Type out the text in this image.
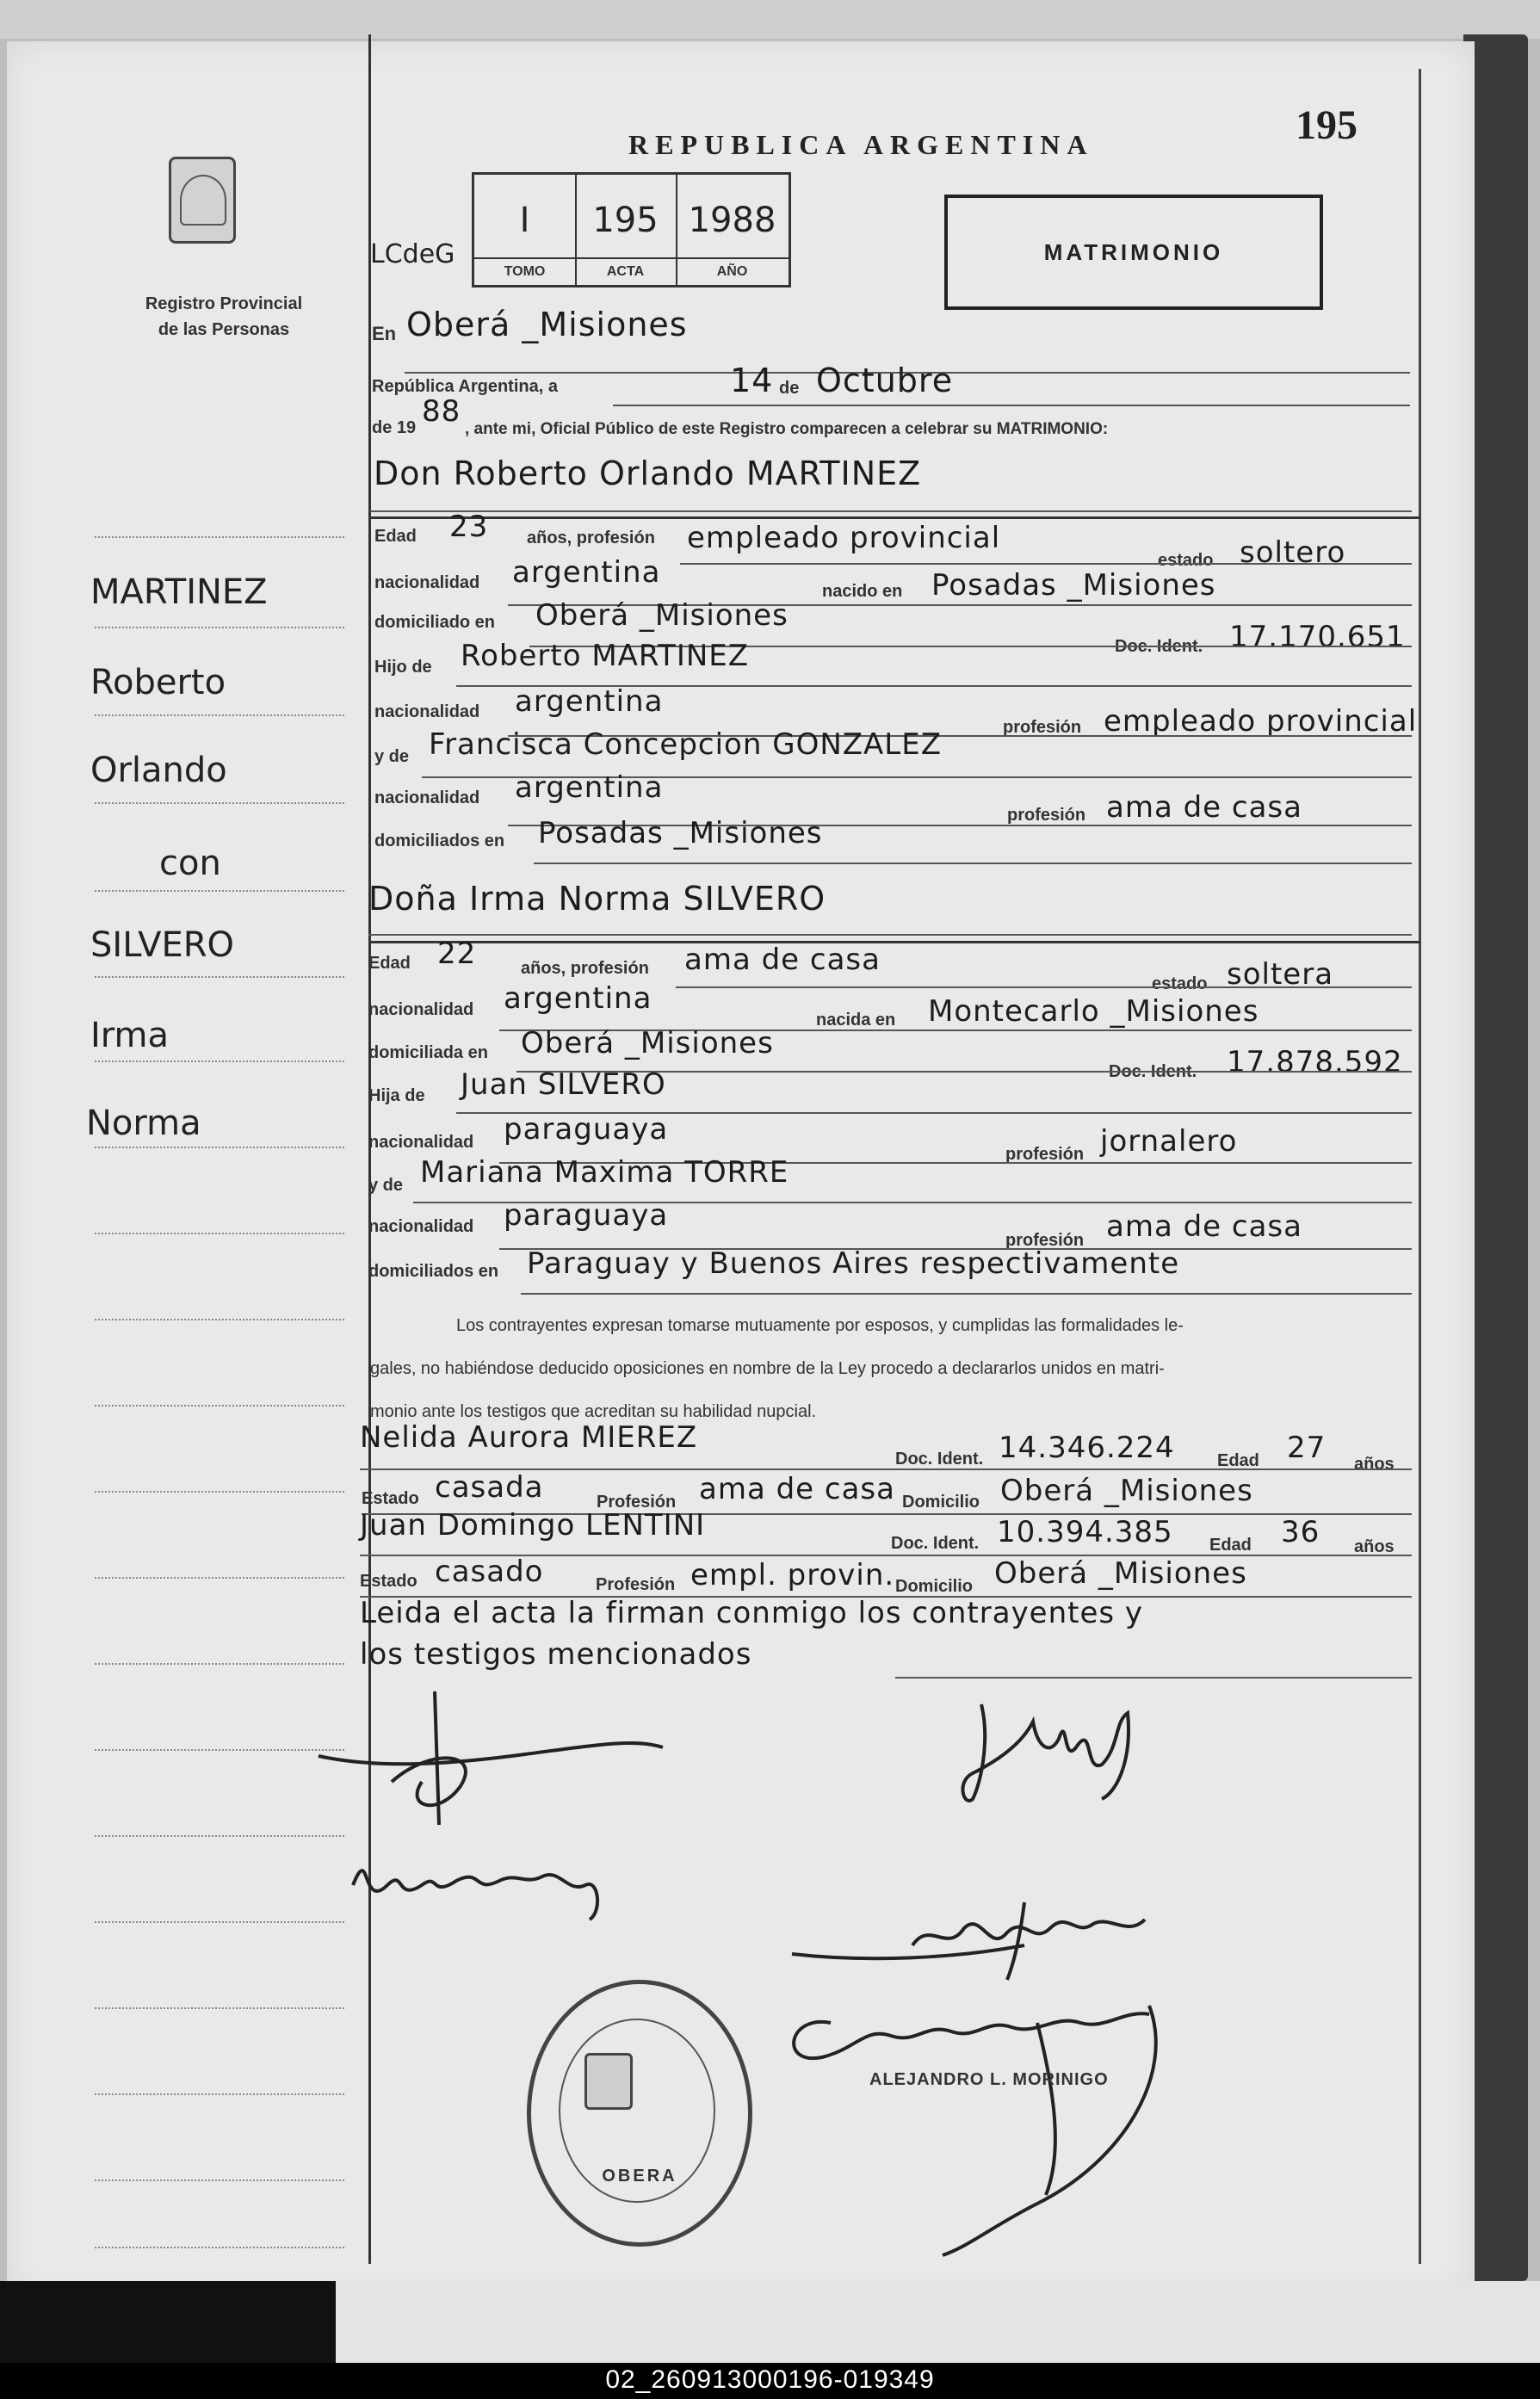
Registro Provincial
de las Personas
MARTINEZ
Roberto
Orlando
con
SILVERO
Irma
Norma
REPUBLICA ARGENTINA	195
LCdeG
I
TOMO
195
ACTA
1988
AÑO
MATRIMONIO
En Oberá _Misiones
República Argentina, a	14 de Octubre
de 19 88
, ante mi, Oficial Público de este Registro comparecen a celebrar su MATRIMONIO:
Don Roberto Orlando MARTINEZ
Edad 23 años, profesión empleado provincial
estado soltero
nacionalidad argentina
nacido en Posadas _Misiones
domiciliado en Oberá _Misiones
Doc. Ident. 17.170.651
Hijo de Roberto MARTINEZ
nacionalidad argentina
profesión empleado provincial
y de Francisca Concepcion GONZALEZ
nacionalidad argentina
profesión ama de casa
domiciliados en Posadas _Misiones
Doña Irma Norma SILVERO
Edad 22	años, profesión ama de casa
estado soltera
nacionalidad argentina
nacida en Montecarlo _Misiones
domiciliada en Oberá _Misiones
Doc. Ident. 17.878.592
Hija de Juan SILVERO
nacionalidad paraguaya
profesión jornalero
y de Mariana Maxima TORRE
nacionalidad paraguaya
profesión ama de casa
domiciliados en Paraguay y Buenos Aires respectivamente
Los contrayentes expresan tomarse mutuamente por esposos, y cumplidas las formalidades le-
gales, no habiéndose deducido oposiciones en nombre de la Ley procedo a declararlos unidos en matri-
monio ante los testigos que acreditan su habilidad nupcial.
Nelida Aurora MIEREZ
Doc. Ident. 14.346.224 Edad 27 años
Estado casada	Profesión ama de casa Domicilio Oberá _Misiones
Juan Domingo LENTINI
Doc. Ident. 10.394.385 Edad 36 años
Estado casado	Profesión empl. provin. Domicilio Oberá _Misiones
Leida el acta la firman conmigo los contrayentes y
los testigos mencionados
OBERA
ALEJANDRO L. MORINIGO
02_260913000196-019349
